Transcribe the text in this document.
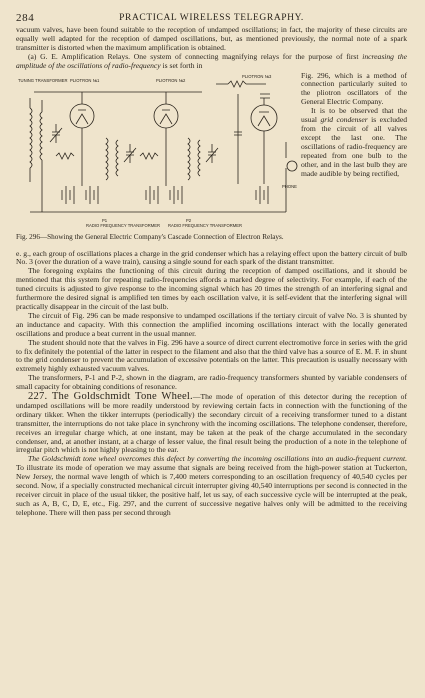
284	PRACTICAL WIRELESS TELEGRAPHY.

vacuum valves, have been found suitable to the reception of undamped oscillations; in fact, the majority of these circuits are equally well adapted for the reception of damped oscillations, but, as mentioned previously, the normal note of a spark transmitter is distorted when the maximum amplification is obtained.

(a) G. E. Amplification Relays. One system of connecting magnifying relays for the purpose of first increasing the amplitude of the oscillations of radio-frequency is set forth in

TUNING TRANSFORMER PLIOTRON №1	PLIOTRON №2
PLIOTRON №3
PHONE
P1
RADIO FREQUENCY TRANSFORMER
P2
RADIO FREQUENCY TRANSFORMER
Fig. 296, which is a method of connection particularly suited to the pliotron oscillators of the General Electric Company.
It is to be observed that the usual grid condenser is excluded from the circuit of all valves except the last one. The oscillations of radio-frequency are repeated from one bulb to the other, and in the last bulb they are made audible by being rectified,
Fig. 296—Showing the General Electric Company's Cascade Connection of Electron Relays.

e. g., each group of oscillations places a charge in the grid condenser which has a relaying effect upon the battery circuit of bulb No. 3 (over the duration of a wave train), causing a single sound for each spark of the distant transmitter.

The foregoing explains the functioning of this circuit during the reception of damped oscillations, and it should be mentioned that this system for repeating radio-frequencies affords a marked degree of selectivity. For example, if each of the tuned circuits is adjusted to give response to the incoming signal which has 20 times the strength of an interfering signal and furthermore the desired signal is amplified ten times by each oscillation valve, it is self-evident that the interfering signal will practically disappear in the circuit of the last bulb.

The circuit of Fig. 296 can be made responsive to undamped oscillations if the tertiary circuit of valve No. 3 is shunted by an inductance and capacity. With this connection the amplified incoming oscillations interact with the locally generated oscillations and produce a beat current in the usual manner.

The student should note that the valves in Fig. 296 have a source of direct current electromotive force in series with the grid to fix definitely the potential of the latter in respect to the filament and also that the third valve has a source of E. M. F. in shunt to the grid condenser to prevent the accumulation of excessive potentials on the latter. This precaution is usually necessary with extremely highly exhausted vacuum valves.

The transformers, P-1 and P-2, shown in the diagram, are radio-frequency transformers shunted by variable condensers of small capacity for obtaining conditions of resonance.

227. The Goldschmidt Tone Wheel.—The mode of operation of this detector during the reception of undamped oscillations will be more readily understood by reviewing certain facts in connection with the functioning of the ordinary tikker. When the tikker interrupts (periodically) the secondary circuit of a receiving transformer tuned to a distant transmitter, the interruptions do not take place in synchrony with the incoming oscillations. The telephone condenser, therefore, receives an irregular charge which, at one instant, may be taken at the peak of the charge accumulated in the secondary condenser, and, at another instant, at a charge of lesser value, the final result being the production of a note in the telephone of irregular pitch which is not highly pleasing to the ear.

The Goldschmidt tone wheel overcomes this defect by converting the incoming oscillations into an audio-frequent current. To illustrate its mode of operation we may assume that signals are being received from the high-power station at Tuckerton, New Jersey, the normal wave length of which is 7,400 meters corresponding to an oscillation frequency of 40,540 cycles per second. Now, if a specially constructed mechanical circuit interrupter giving 40,540 interruptions per second is connected in the receiver circuit in place of the usual tikker, the positive half, let us say, of each successive cycle will be interrupted at the peak, such as A, B, C, D, E, etc., Fig. 297, and the current of successive negative halves only will be admitted to the receiving telephone. There will then pass per second through
